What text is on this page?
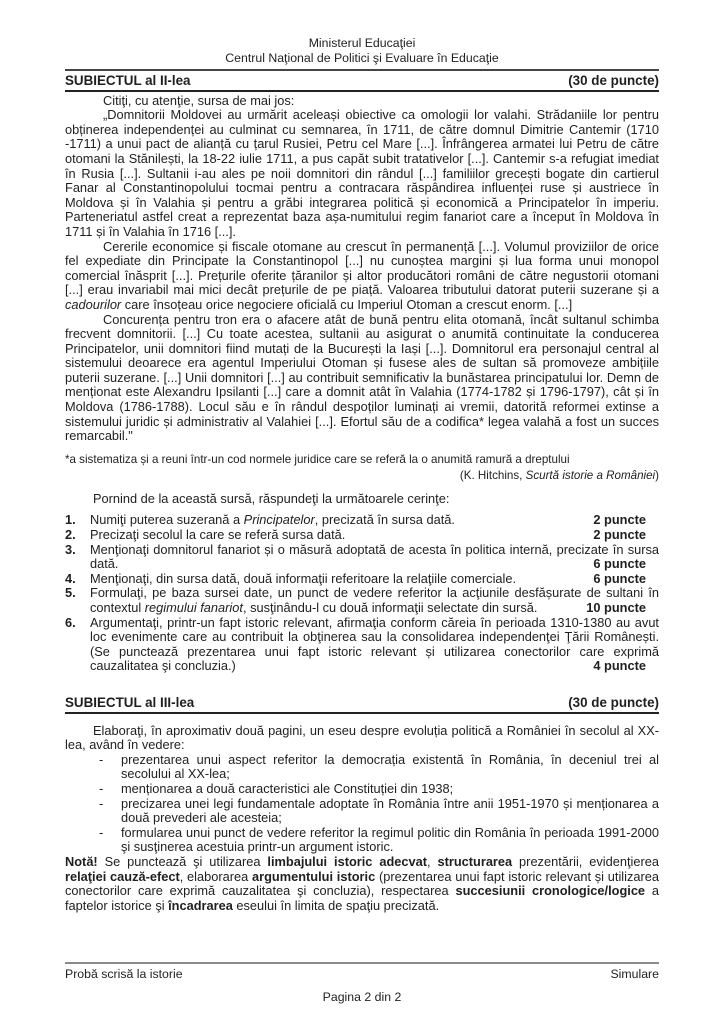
Ministerul Educaţiei
Centrul Naţional de Politici şi Evaluare în Educaţie
SUBIECTUL al II-lea	(30 de puncte)
Citiţi, cu atenţie, sursa de mai jos:
„Domnitorii Moldovei au urmărit aceleași obiective ca omologii lor valahi. Strădaniile lor pentru obținerea independenței au culminat cu semnarea, în 1711, de către domnul Dimitrie Cantemir (1710 -1711) a unui pact de alianță cu țarul Rusiei, Petru cel Mare [...]. Înfrângerea armatei lui Petru de către otomani la Stănilești, la 18-22 iulie 1711, a pus capăt subit tratativelor [...]. Cantemir s-a refugiat imediat în Rusia [...]. Sultanii i-au ales pe noii domnitori din rândul [...] familiilor grecești bogate din cartierul Fanar al Constantinopolului tocmai pentru a contracara răspândirea influenței ruse și austriece în Moldova și în Valahia și pentru a grăbi integrarea politică și economică a Principatelor în imperiu. Parteneriatul astfel creat a reprezentat baza așa-numitului regim fanariot care a început în Moldova în 1711 și în Valahia în 1716 [...].
Cererile economice și fiscale otomane au crescut în permanență [...]. Volumul proviziilor de orice fel expediate din Principate la Constantinopol [...] nu cunoștea margini și lua forma unui monopol comercial înăsprit [...]. Prețurile oferite țăranilor și altor producători români de către negustorii otomani [...] erau invariabil mai mici decât prețurile de pe piață. Valoarea tributului datorat puterii suzerane și a cadourilor care însoțeau orice negociere oficială cu Imperiul Otoman a crescut enorm. [...]
Concurența pentru tron era o afacere atât de bună pentru elita otomană, încât sultanul schimba frecvent domnitorii. [...] Cu toate acestea, sultanii au asigurat o anumită continuitate la conducerea Principatelor, unii domnitori fiind mutați de la București la Iași [...]. Domnitorul era personajul central al sistemului deoarece era agentul Imperiului Otoman și fusese ales de sultan să promoveze ambițiile puterii suzerane. [...] Unii domnitori [...] au contribuit semnificativ la bunăstarea principatului lor. Demn de menționat este Alexandru Ipsilanti [...] care a domnit atât în Valahia (1774-1782 și 1796-1797), cât și în Moldova (1786-1788). Locul său e în rândul despoților luminați ai vremii, datorită reformei extinse a sistemului juridic și administrativ al Valahiei [...]. Efortul său de a codifica* legea valahă a fost un succes remarcabil."
*a sistematiza și a reuni într-un cod normele juridice care se referă la o anumită ramură a dreptului
(K. Hitchins, Scurtă istorie a României)
Pornind de la această sursă, răspundeţi la următoarele cerinţe:
1.	Numiţi puterea suzerană a Principatelor, precizată în sursa dată.	2 puncte
2.	Precizaţi secolul la care se referă sursa dată.	2 puncte
3.	Menţionaţi domnitorul fanariot și o măsură adoptată de acesta în politica internă, precizate în sursa dată.	6 puncte
4.	Menţionaţi, din sursa dată, două informaţii referitoare la relaţiile comerciale.	6 puncte
5.	Formulaţi, pe baza sursei date, un punct de vedere referitor la acţiunile desfășurate de sultani în contextul regimului fanariot, susţinându-l cu două informaţii selectate din sursă.	10 puncte
6.	Argumentaţi, printr-un fapt istoric relevant, afirmaţia conform căreia în perioada 1310-1380 au avut loc evenimente care au contribuit la obţinerea sau la consolidarea independenţei Ţării Românești. (Se punctează prezentarea unui fapt istoric relevant și utilizarea conectorilor care exprimă cauzalitatea şi concluzia.)	4 puncte
SUBIECTUL al III-lea	(30 de puncte)
Elaboraţi, în aproximativ două pagini, un eseu despre evoluția politică a României în secolul al XX-lea, având în vedere:
-	prezentarea unui aspect referitor la democrația existentă în România, în deceniul trei al secolului al XX-lea;
-	menționarea a două caracteristici ale Constituției din 1938;
-	precizarea unei legi fundamentale adoptate în România între anii 1951-1970 și menționarea a două prevederi ale acesteia;
-	formularea unui punct de vedere referitor la regimul politic din România în perioada 1991-2000 şi susţinerea acestuia printr-un argument istoric.
Notă! Se punctează şi utilizarea limbajului istoric adecvat, structurarea prezentării, evidenţierea relaţiei cauză-efect, elaborarea argumentului istoric (prezentarea unui fapt istoric relevant și utilizarea conectorilor care exprimă cauzalitatea şi concluzia), respectarea succesiunii cronologice/logice a faptelor istorice şi încadrarea eseului în limita de spaţiu precizată.
Probă scrisă la istorie	Simulare
Pagina 2 din 2
